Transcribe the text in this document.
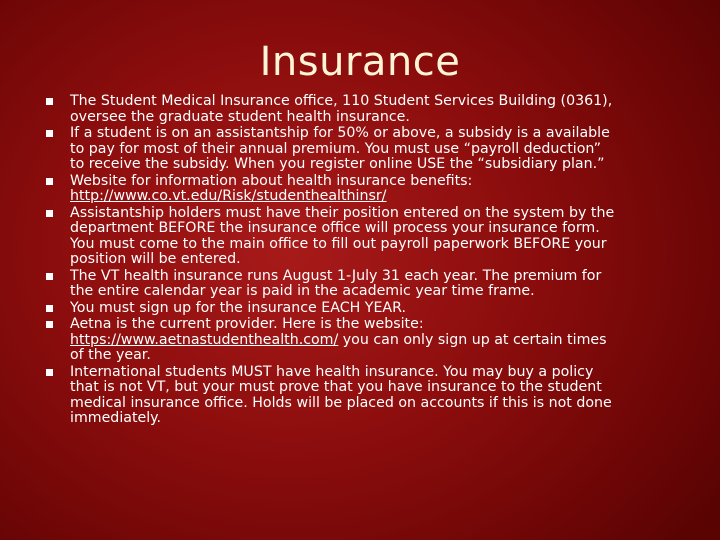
Insurance
The Student Medical Insurance office, 110 Student Services Building (0361),
oversee the graduate student health insurance.
If a student is on an assistantship for 50% or above, a subsidy is a available
to pay for most of their annual premium. You must use “payroll deduction”
to receive the subsidy. When you register online USE the “subsidiary plan.”
Website for information about health insurance benefits:
http://www.co.vt.edu/Risk/studenthealthinsr/
Assistantship holders must have their position entered on the system by the
department BEFORE the insurance office will process your insurance form.
You must come to the main office to fill out payroll paperwork BEFORE your
position will be entered.
The VT health insurance runs August 1-July 31 each year. The premium for
the entire calendar year is paid in the academic year time frame.
You must sign up for the insurance EACH YEAR.
Aetna is the current provider. Here is the website:
https://www.aetnastudenthealth.com/ you can only sign up at certain times
of the year.
International students MUST have health insurance. You may buy a policy
that is not VT, but your must prove that you have insurance to the student
medical insurance office. Holds will be placed on accounts if this is not done
immediately.
